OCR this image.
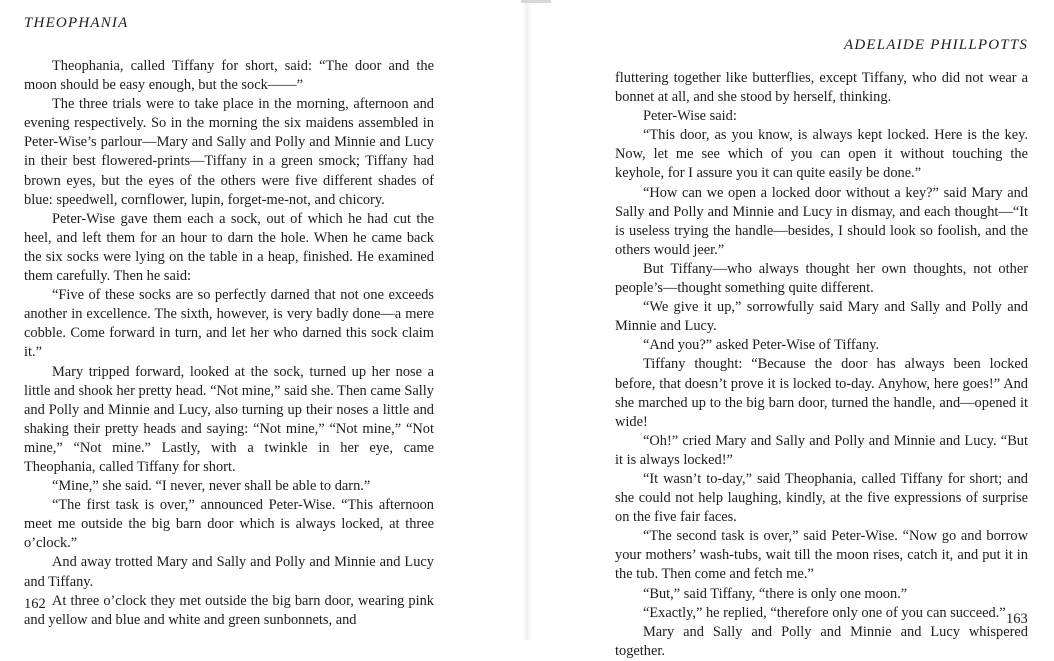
THEOPHANIA

Theophania, called Tiffany for short, said: “The door and the moon should be easy enough, but the sock——”

The three trials were to take place in the morning, afternoon and evening respectively. So in the morning the six maidens assembled in Peter-Wise’s parlour—Mary and Sally and Polly and Minnie and Lucy in their best flowered-prints—Tiffany in a green smock; Tiffany had brown eyes, but the eyes of the others were five different shades of blue: speedwell, cornflower, lupin, forget-me-not, and chicory.

Peter-Wise gave them each a sock, out of which he had cut the heel, and left them for an hour to darn the hole. When he came back the six socks were lying on the table in a heap, finished. He examined them carefully. Then he said:

“Five of these socks are so perfectly darned that not one exceeds another in excellence. The sixth, however, is very badly done—a mere cobble. Come forward in turn, and let her who darned this sock claim it.”

Mary tripped forward, looked at the sock, turned up her nose a little and shook her pretty head. “Not mine,” said she. Then came Sally and Polly and Minnie and Lucy, also turning up their noses a little and shaking their pretty heads and saying: “Not mine,” “Not mine,” “Not mine,” “Not mine.” Lastly, with a twinkle in her eye, came Theophania, called Tiffany for short.

“Mine,” she said. “I never, never shall be able to darn.”

“The first task is over,” announced Peter-Wise. “This afternoon meet me outside the big barn door which is always locked, at three o’clock.”

And away trotted Mary and Sally and Polly and Minnie and Lucy and Tiffany.

At three o’clock they met outside the big barn door, wearing pink and yellow and blue and white and green sunbonnets, and

162
ADELAIDE PHILLPOTTS

fluttering together like butterflies, except Tiffany, who did not wear a bonnet at all, and she stood by herself, thinking.

Peter-Wise said:

“This door, as you know, is always kept locked. Here is the key. Now, let me see which of you can open it without touching the keyhole, for I assure you it can quite easily be done.”

“How can we open a locked door without a key?” said Mary and Sally and Polly and Minnie and Lucy in dismay, and each thought—“It is useless trying the handle—besides, I should look so foolish, and the others would jeer.”

But Tiffany—who always thought her own thoughts, not other people’s—thought something quite different.

“We give it up,” sorrowfully said Mary and Sally and Polly and Minnie and Lucy.

“And you?” asked Peter-Wise of Tiffany.

Tiffany thought: “Because the door has always been locked before, that doesn’t prove it is locked to-day. Anyhow, here goes!” And she marched up to the big barn door, turned the handle, and—opened it wide!

“Oh!” cried Mary and Sally and Polly and Minnie and Lucy. “But it is always locked!”

“It wasn’t to-day,” said Theophania, called Tiffany for short; and she could not help laughing, kindly, at the five expressions of surprise on the five fair faces.

“The second task is over,” said Peter-Wise. “Now go and borrow your mothers’ wash-tubs, wait till the moon rises, catch it, and put it in the tub. Then come and fetch me.”

“But,” said Tiffany, “there is only one moon.”

“Exactly,” he replied, “therefore only one of you can succeed.”

Mary and Sally and Polly and Minnie and Lucy whispered together.

163
